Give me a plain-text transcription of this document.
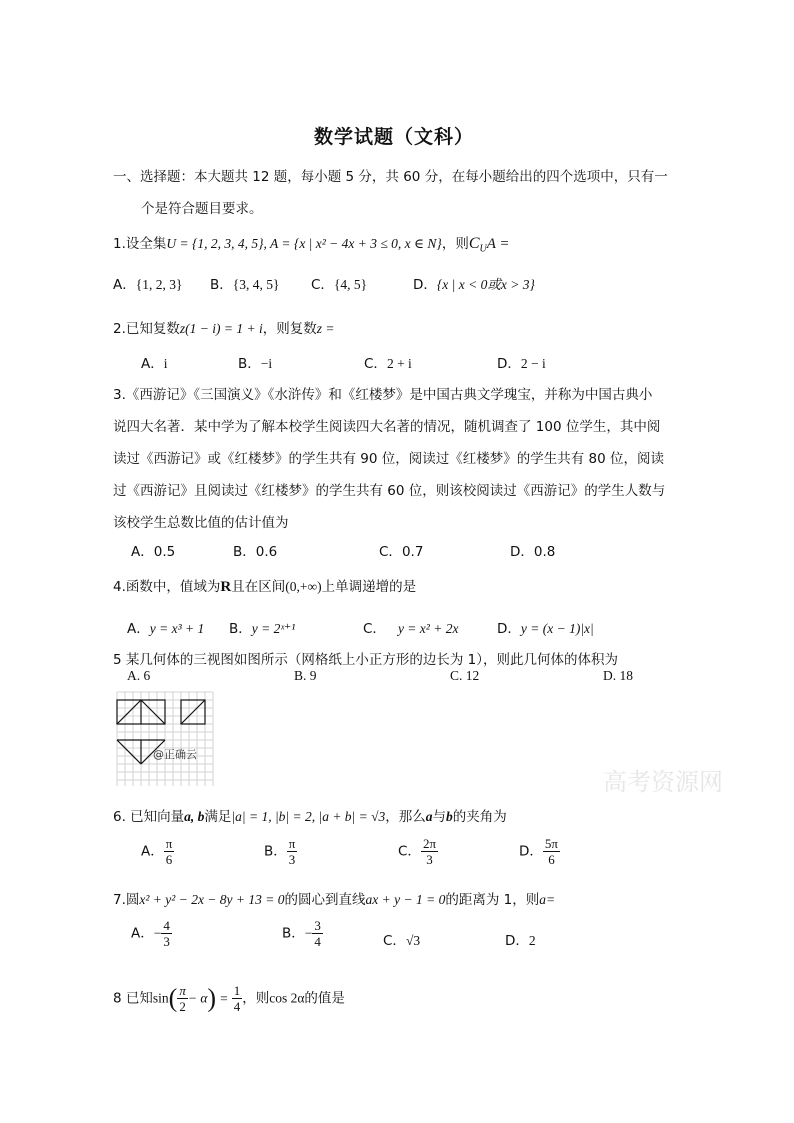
数学试题（文科）
一、选择题：本大题共 12 题，每小题 5 分，共 60 分，在每小题给出的四个选项中，只有一
个是符合题目要求。
1.设全集U = {1, 2, 3, 4, 5}, A = {x | x² − 4x + 3 ≤ 0, x ∈ N}，则$C_UA$ =
A．{1, 2, 3} B．{3, 4, 5} C．{4, 5}	D．{x | x < 0或x > 3}
2.已知复数z(1 − i) = 1 + i，则复数z =
A．i	B．−i	C．2 + i	D．2 − i
3.《西游记》《三国演义》《水浒传》和《红楼梦》是中国古典文学瑰宝，并称为中国古典小
说四大名著．某中学为了解本校学生阅读四大名著的情况，随机调查了 100 位学生，其中阅
读过《西游记》或《红楼梦》的学生共有 90 位，阅读过《红楼梦》的学生共有 80 位，阅读
过《西游记》且阅读过《红楼梦》的学生共有 60 位，则该校阅读过《西游记》的学生人数与
该校学生总数比值的估计值为
A．0.5	B．0.6	C．0.7	D．0.8
4.函数中，值域为R且在区间(0,+∞)上单调递增的是
A．y = x³ + 1 B．y = 2ˣ⁺¹	C． y = x² + 2x	D．y = (x − 1)|x|
5 某几何体的三视图如图所示（网格纸上小正方形的边长为 1），则此几何体的体积为
A. 6	B. 9	C. 12	D. 18
@正确云
高考资源网
6. 已知向量a, b满足|a| = 1, |b| = 2, |a + b| = √3，那么a与b的夹角为
A． $\frac{\pi}{6}$	B． $\frac{\pi}{3}$	C． $\frac{2\pi}{3}$	D． $\frac{5\pi}{6}$
7.圆x² + y² − 2x − 8y + 13 = 0的圆心到直线ax + y − 1 = 0的距离为 1，则a=
A．− $\frac{4}{3}$	B．− $\frac{3}{4}$	C．√3	D．2
8 已知$\sin( \frac{\pi}{2} - \alpha) = \frac{1}{4}$ ，则cos 2α的值是
